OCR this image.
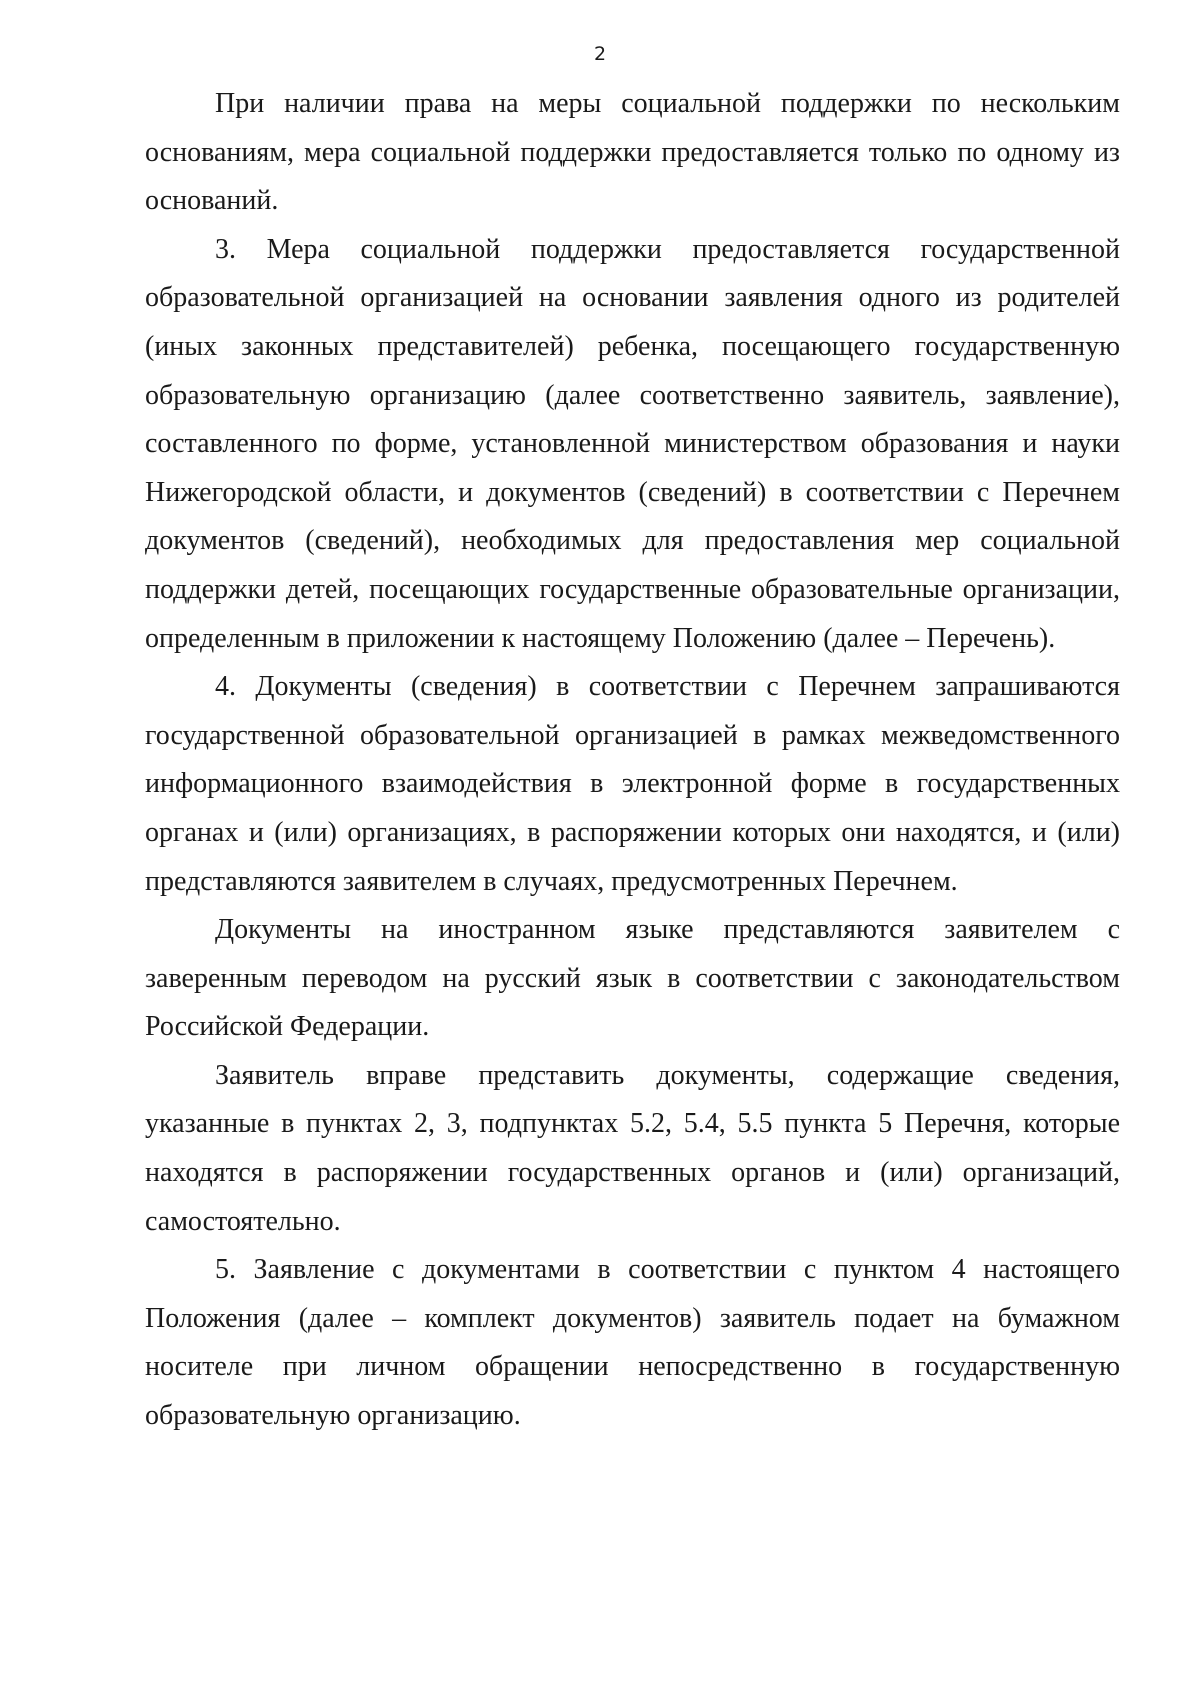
2

При наличии права на меры социальной поддержки по нескольким основаниям, мера социальной поддержки предоставляется только по одному из оснований.

3. Мера социальной поддержки предоставляется государственной образовательной организацией на основании заявления одного из родителей (иных законных представителей) ребенка, посещающего государственную образовательную организацию (далее соответственно заявитель, заявление), составленного по форме, установленной министерством образования и науки Нижегородской области, и документов (сведений) в соответствии с Перечнем документов (сведений), необходимых для предоставления мер социальной поддержки детей, посещающих государственные образовательные организации, определенным в приложении к настоящему Положению (далее – Перечень).

4. Документы (сведения) в соответствии с Перечнем запрашиваются государственной образовательной организацией в рамках межведомственного информационного взаимодействия в электронной форме в государственных органах и (или) организациях, в распоряжении которых они находятся, и (или) представляются заявителем в случаях, предусмотренных Перечнем.

Документы на иностранном языке представляются заявителем с заверенным переводом на русский язык в соответствии с законодательством Российской Федерации.

Заявитель вправе представить документы, содержащие сведения, указанные в пунктах 2, 3, подпунктах 5.2, 5.4, 5.5 пункта 5 Перечня, которые находятся в распоряжении государственных органов и (или) организаций, самостоятельно.

5. Заявление с документами в соответствии с пунктом 4 настоящего Положения (далее – комплект документов) заявитель подает на бумажном носителе при личном обращении непосредственно в государственную образовательную организацию.
